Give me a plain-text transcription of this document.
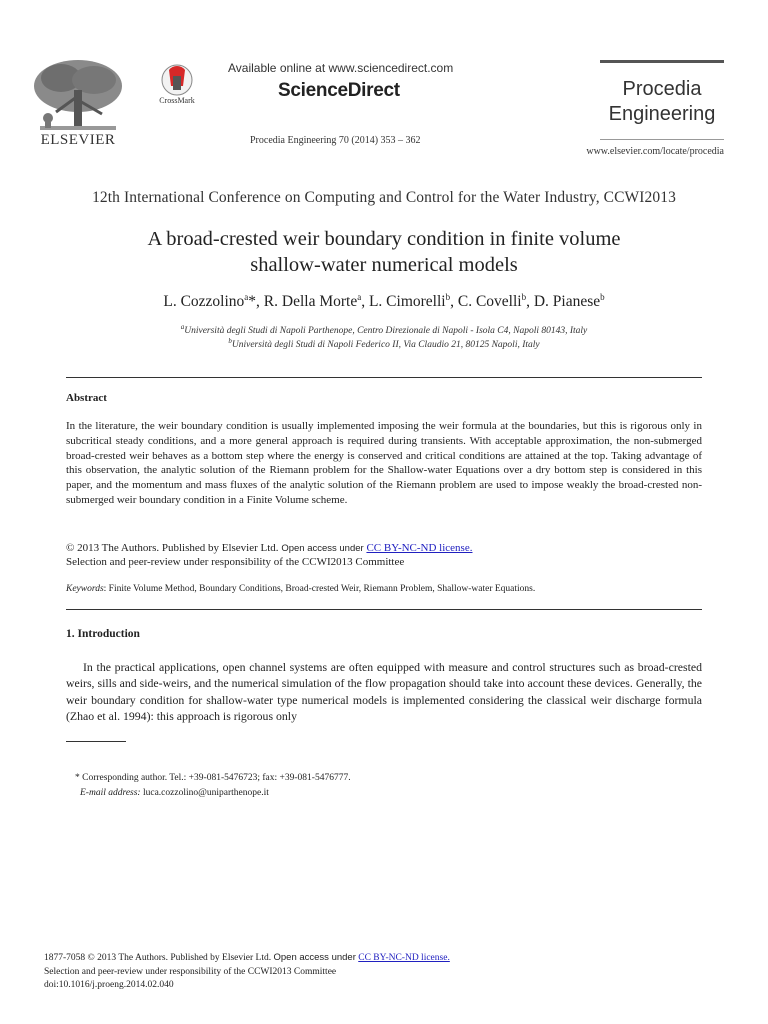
ELSEVIER
CrossMark
Available online at www.sciencedirect.com
ScienceDirect
Procedia Engineering 70 (2014) 353 – 362
Procedia
Engineering
www.elsevier.com/locate/procedia
12th International Conference on Computing and Control for the Water Industry, CCWI2013
A broad-crested weir boundary condition in finite volume
shallow-water numerical models
L. Cozzolino$^a$*, R. Della Morte$^a$, L. Cimorelli$^b$, C. Covelli$^b$, D. Pianese$^b$
$^a$Università degli Studi di Napoli Parthenope, Centro Direzionale di Napoli - Isola C4, Napoli 80143, Italy
$^b$Università degli Studi di Napoli Federico II, Via Claudio 21, 80125 Napoli, Italy
Abstract
In the literature, the weir boundary condition is usually implemented imposing the weir formula at the boundaries, but this is rigorous only in subcritical steady conditions, and a more general approach is required during transients. With acceptable approximation, the non-submerged broad-crested weir behaves as a bottom step where the energy is conserved and critical conditions are attained at the top. Taking advantage of this observation, the analytic solution of the Riemann problem for the Shallow-water Equations over a dry bottom step is considered in this paper, and the momentum and mass fluxes of the analytic solution of the Riemann problem are used to impose weakly the broad-crested non-submerged weir boundary condition in a Finite Volume scheme.
© 2013 The Authors. Published by Elsevier Ltd. Open access under CC BY-NC-ND license.
Selection and peer-review under responsibility of the CCWI2013 Committee
Keywords: Finite Volume Method, Boundary Conditions, Broad-crested Weir, Riemann Problem, Shallow-water Equations.
1. Introduction
In the practical applications, open channel systems are often equipped with measure and control structures such as broad-crested weirs, sills and side-weirs, and the numerical simulation of the flow propagation should take into account these devices. Generally, the weir boundary condition for shallow-water type numerical models is implemented considering the classical weir discharge formula (Zhao et al. 1994): this approach is rigorous only
* Corresponding author. Tel.: +39-081-5476723; fax: +39-081-5476777.
E-mail address: luca.cozzolino@uniparthenope.it
1877-7058 © 2013 The Authors. Published by Elsevier Ltd. Open access under CC BY-NC-ND license.
Selection and peer-review under responsibility of the CCWI2013 Committee
doi:10.1016/j.proeng.2014.02.040
